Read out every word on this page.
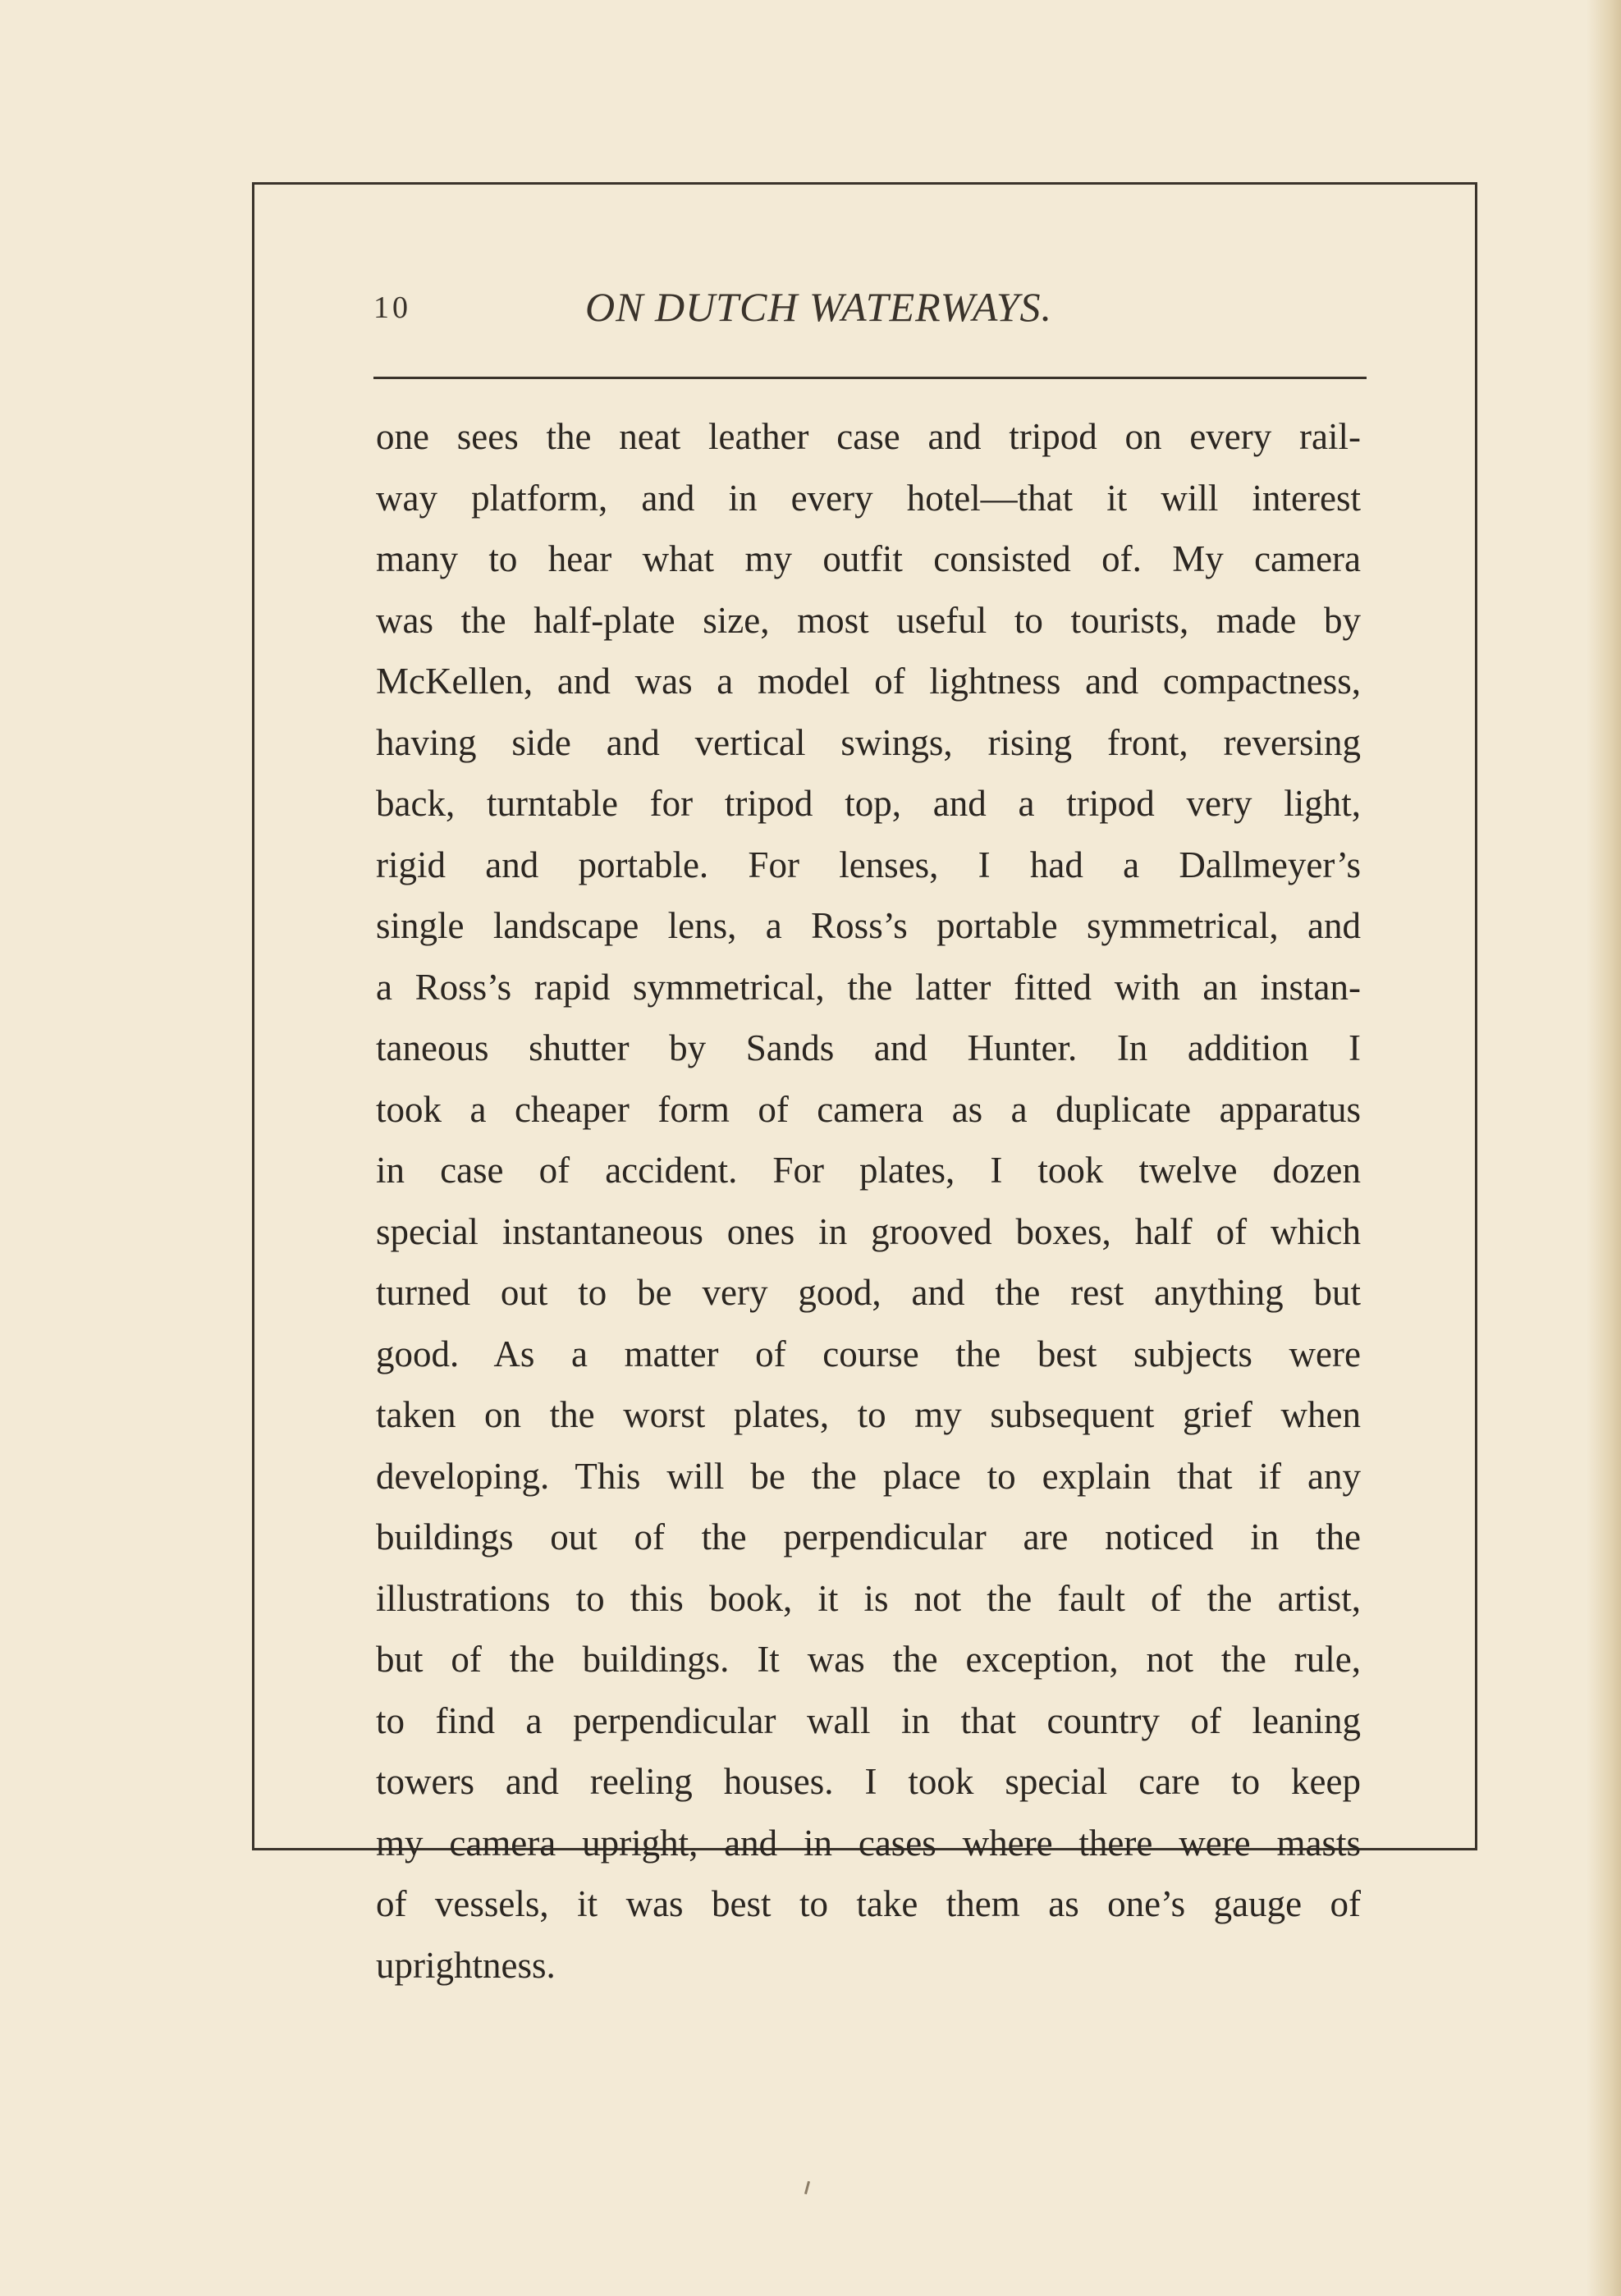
10	ON DUTCH WATERWAYS.
one sees the neat leather case and tripod on every rail-
way platform, and in every hotel—that it will interest
many to hear what my outfit consisted of. My camera
was the half-plate size, most useful to tourists, made by
McKellen, and was a model of lightness and compactness,
having side and vertical swings, rising front, reversing
back, turntable for tripod top, and a tripod very light,
rigid and portable. For lenses, I had a Dallmeyer’s
single landscape lens, a Ross’s portable symmetrical, and
a Ross’s rapid symmetrical, the latter fitted with an instan-
taneous shutter by Sands and Hunter. In addition I
took a cheaper form of camera as a duplicate apparatus
in case of accident. For plates, I took twelve dozen
special instantaneous ones in grooved boxes, half of which
turned out to be very good, and the rest anything but
good. As a matter of course the best subjects were
taken on the worst plates, to my subsequent grief when
developing. This will be the place to explain that if any
buildings out of the perpendicular are noticed in the
illustrations to this book, it is not the fault of the artist,
but of the buildings. It was the exception, not the rule,
to find a perpendicular wall in that country of leaning
towers and reeling houses. I took special care to keep
my camera upright, and in cases where there were masts
of vessels, it was best to take them as one’s gauge of
uprightness.
